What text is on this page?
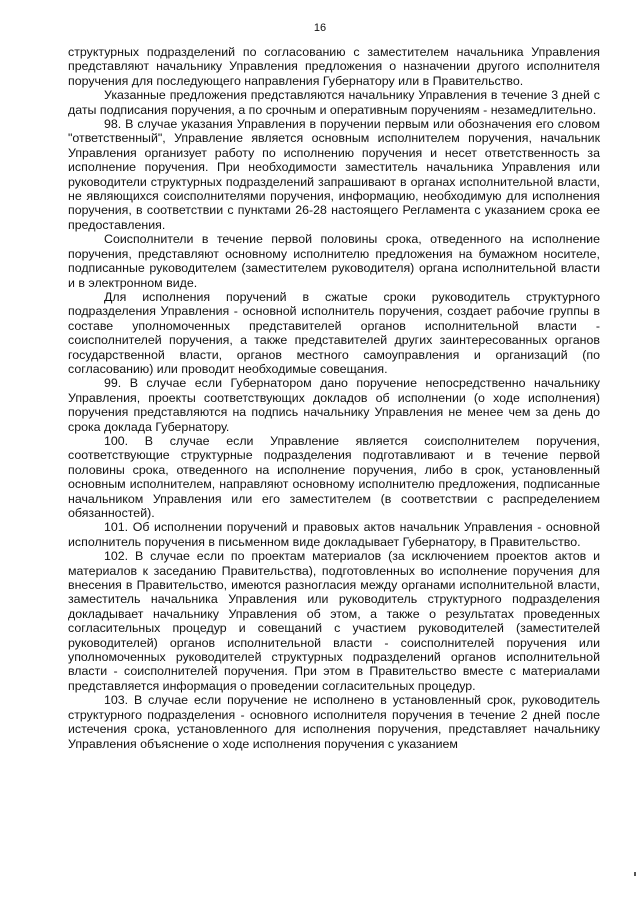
16

структурных подразделений по согласованию с заместителем начальника Управления представляют начальнику Управления предложения о назначении другого исполнителя поручения для последующего направления Губернатору или в Правительство.

Указанные предложения представляются начальнику Управления в течение 3 дней с даты подписания поручения, а по срочным и оперативным поручениям - незамедлительно.

98. В случае указания Управления в поручении первым или обозначения его словом "ответственный", Управление является основным исполнителем поручения, начальник Управления организует работу по исполнению поручения и несет ответственность за исполнение поручения. При необходимости заместитель начальника Управления или руководители структурных подразделений запрашивают в органах исполнительной власти, не являющихся соисполнителями поручения, информацию, необходимую для исполнения поручения, в соответствии с пунктами 26-28 настоящего Регламента с указанием срока ее предоставления.

Соисполнители в течение первой половины срока, отведенного на исполнение поручения, представляют основному исполнителю предложения на бумажном носителе, подписанные руководителем (заместителем руководителя) органа исполнительной власти и в электронном виде.

Для исполнения поручений в сжатые сроки руководитель структурного подразделения Управления - основной исполнитель поручения, создает рабочие группы в составе уполномоченных представителей органов исполнительной власти - соисполнителей поручения, а также представителей других заинтересованных органов государственной власти, органов местного самоуправления и организаций (по согласованию) или проводит необходимые совещания.

99. В случае если Губернатором дано поручение непосредственно начальнику Управления, проекты соответствующих докладов об исполнении (о ходе исполнения) поручения представляются на подпись начальнику Управления не менее чем за день до срока доклада Губернатору.

100. В случае если Управление является соисполнителем поручения, соответствующие структурные подразделения подготавливают и в течение первой половины срока, отведенного на исполнение поручения, либо в срок, установленный основным исполнителем, направляют основному исполнителю предложения, подписанные начальником Управления или его заместителем (в соответствии с распределением обязанностей).

101. Об исполнении поручений и правовых актов начальник Управления - основной исполнитель поручения в письменном виде докладывает Губернатору, в Правительство.

102. В случае если по проектам материалов (за исключением проектов актов и материалов к заседанию Правительства), подготовленных во исполнение поручения для внесения в Правительство, имеются разногласия между органами исполнительной власти, заместитель начальника Управления или руководитель структурного подразделения докладывает начальнику Управления об этом, а также о результатах проведенных согласительных процедур и совещаний с участием руководителей (заместителей руководителей) органов исполнительной власти - соисполнителей поручения или уполномоченных руководителей структурных подразделений органов исполнительной власти - соисполнителей поручения. При этом в Правительство вместе с материалами представляется информация о проведении согласительных процедур.

103. В случае если поручение не исполнено в установленный срок, руководитель структурного подразделения - основного исполнителя поручения в течение 2 дней после истечения срока, установленного для исполнения поручения, представляет начальнику Управления объяснение о ходе исполнения поручения с указанием
